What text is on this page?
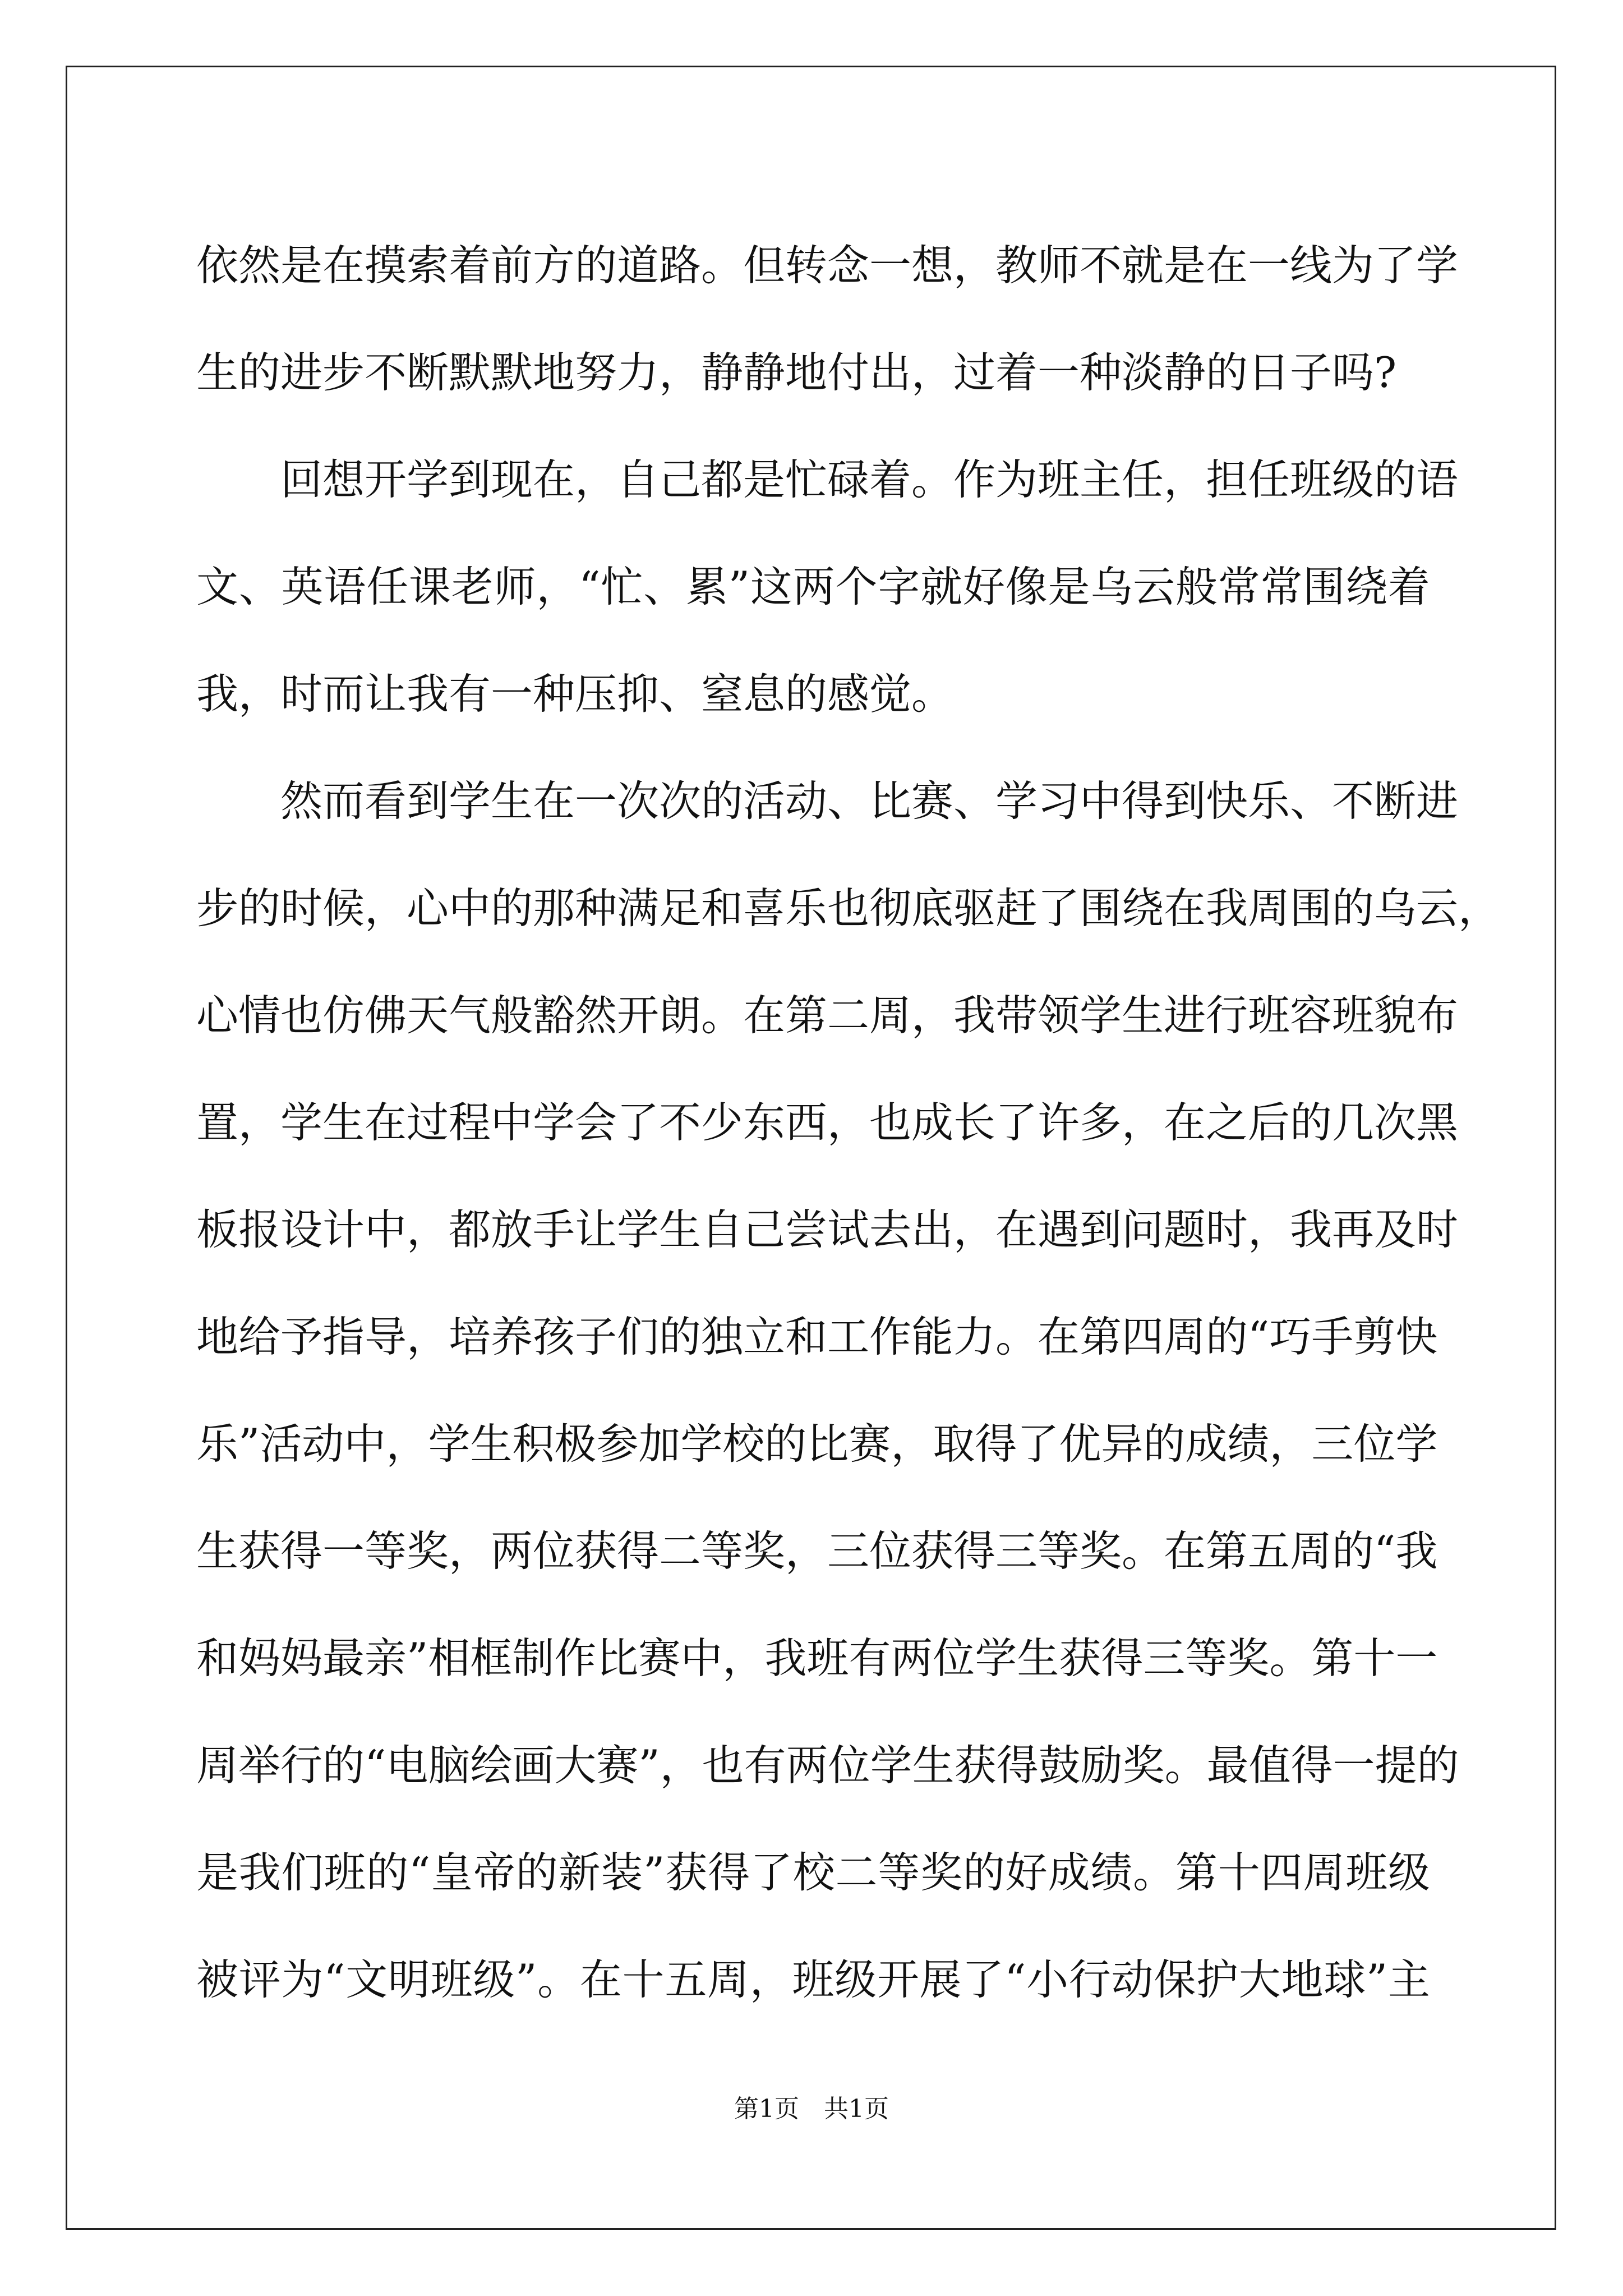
依然是在摸索着前方的道路。但转念一想，教师不就是在一线为了学
生的进步不断默默地努力，静静地付出，过着一种淡静的日子吗?
回想开学到现在，自己都是忙碌着。作为班主任，担任班级的语
文、英语任课老师，“忙、累”这两个字就好像是乌云般常常围绕着
我，时而让我有一种压抑、窒息的感觉。
然而看到学生在一次次的活动、比赛、学习中得到快乐、不断进
步的时候，心中的那种满足和喜乐也彻底驱赶了围绕在我周围的乌云，
心情也仿佛天气般豁然开朗。在第二周，我带领学生进行班容班貌布
置，学生在过程中学会了不少东西，也成长了许多，在之后的几次黑
板报设计中，都放手让学生自己尝试去出，在遇到问题时，我再及时
地给予指导，培养孩子们的独立和工作能力。在第四周的“巧手剪快
乐”活动中，学生积极参加学校的比赛，取得了优异的成绩，三位学
生获得一等奖，两位获得二等奖，三位获得三等奖。在第五周的“我
和妈妈最亲”相框制作比赛中，我班有两位学生获得三等奖。第十一
周举行的“电脑绘画大赛”，也有两位学生获得鼓励奖。最值得一提的
是我们班的“皇帝的新装”获得了校二等奖的好成绩。第十四周班级
被评为“文明班级”。在十五周，班级开展了“小行动保护大地球”主
第1页 共1页
